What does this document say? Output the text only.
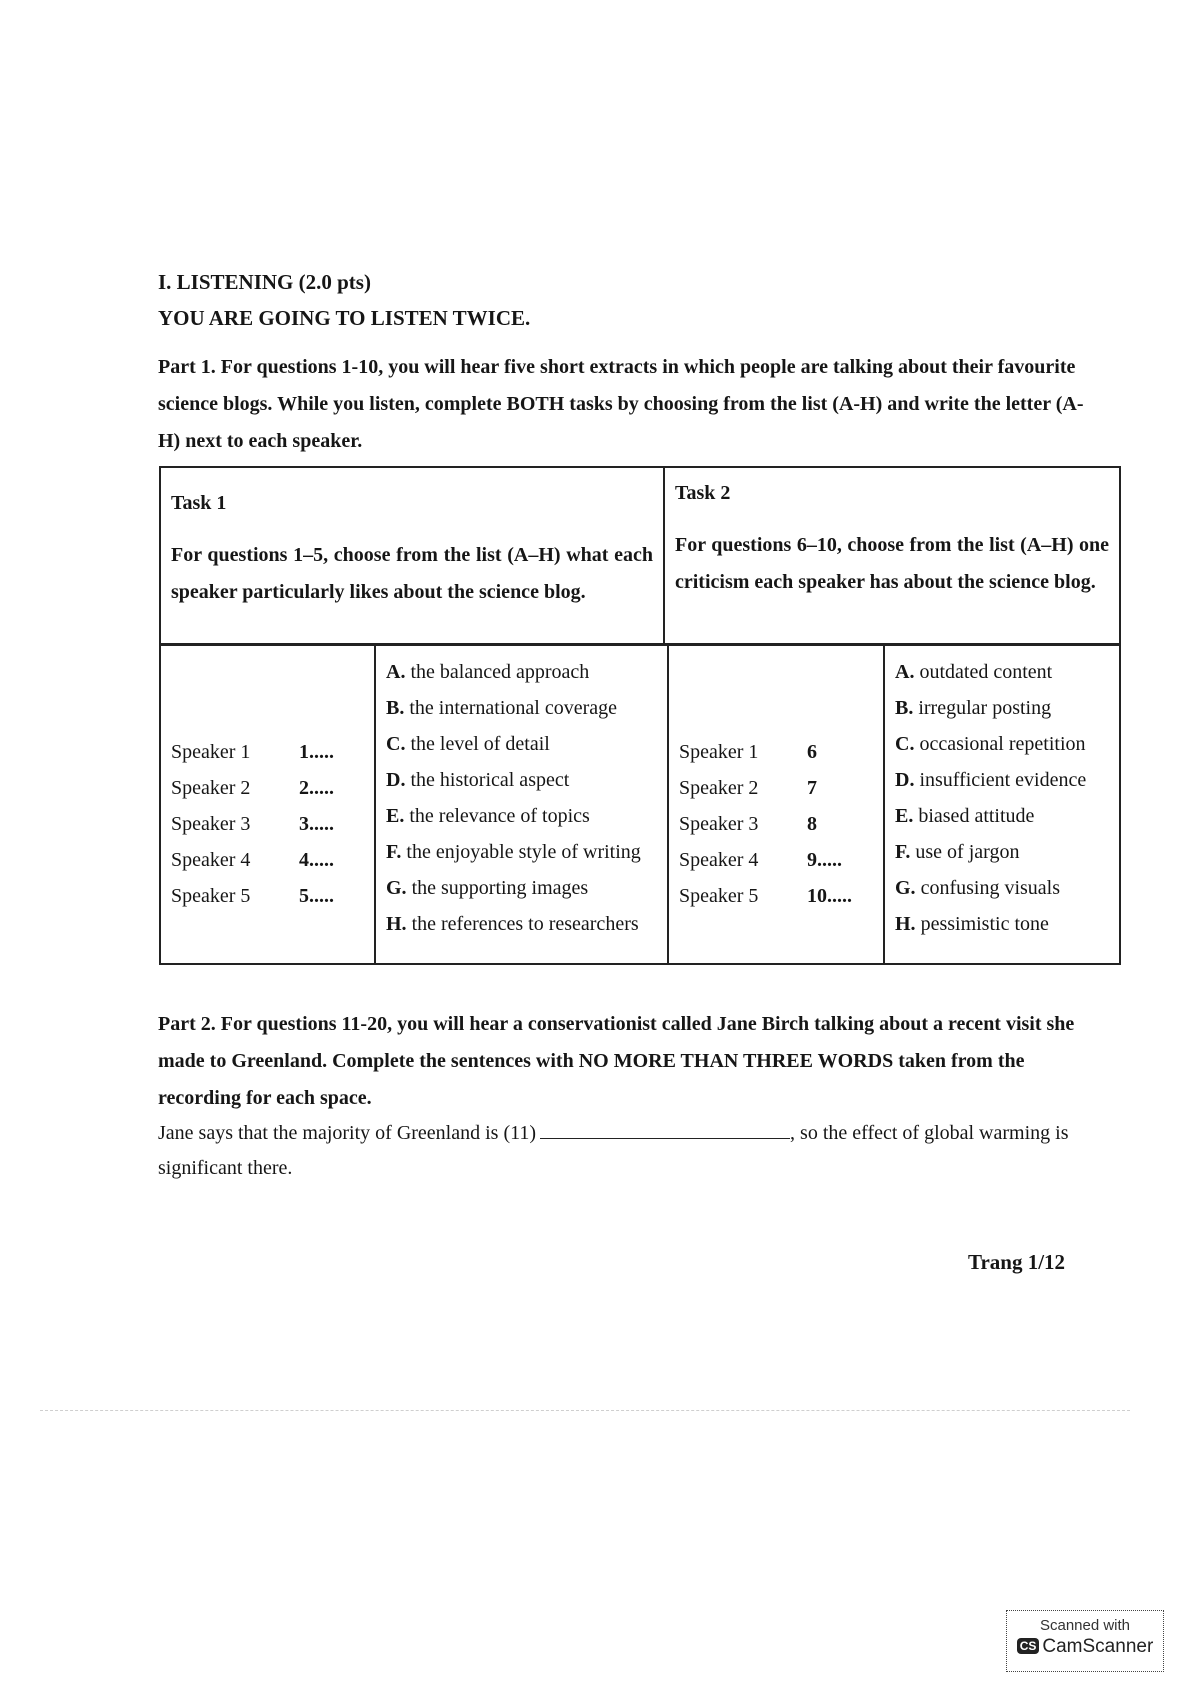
I. LISTENING (2.0 pts)
YOU ARE GOING TO LISTEN TWICE.
Part 1. For questions 1-10, you will hear five short extracts in which people are talking about their favourite science blogs. While you listen, complete BOTH tasks by choosing from the list (A-H) and write the letter (A-H) next to each speaker.
Task 1
For questions 1–5, choose from the list (A–H) what each speaker particularly likes about the science blog.

Task 2
For questions 6–10, choose from the list (A–H) one criticism each speaker has about the science blog.
Speaker 1 1.....
Speaker 2 2.....
Speaker 3 3.....
Speaker 4 4.....
Speaker 5 5.....

A. the balanced approach
B. the international coverage
C. the level of detail
D. the historical aspect
E. the relevance of topics
F. the enjoyable style of writing
G. the supporting images
H. the references to researchers

Speaker 1 6
Speaker 2 7
Speaker 3 8
Speaker 4 9.....
Speaker 5 10.....

A. outdated content
B. irregular posting
C. occasional repetition
D. insufficient evidence
E. biased attitude
F. use of jargon
G. confusing visuals
H. pessimistic tone
Part 2. For questions 11-20, you will hear a conservationist called Jane Birch talking about a recent visit she made to Greenland. Complete the sentences with NO MORE THAN THREE WORDS taken from the recording for each space.
Jane says that the majority of Greenland is (11)	, so the effect of global warming is significant there.
Trang 1/12
Scanned with
CS CamScanner
